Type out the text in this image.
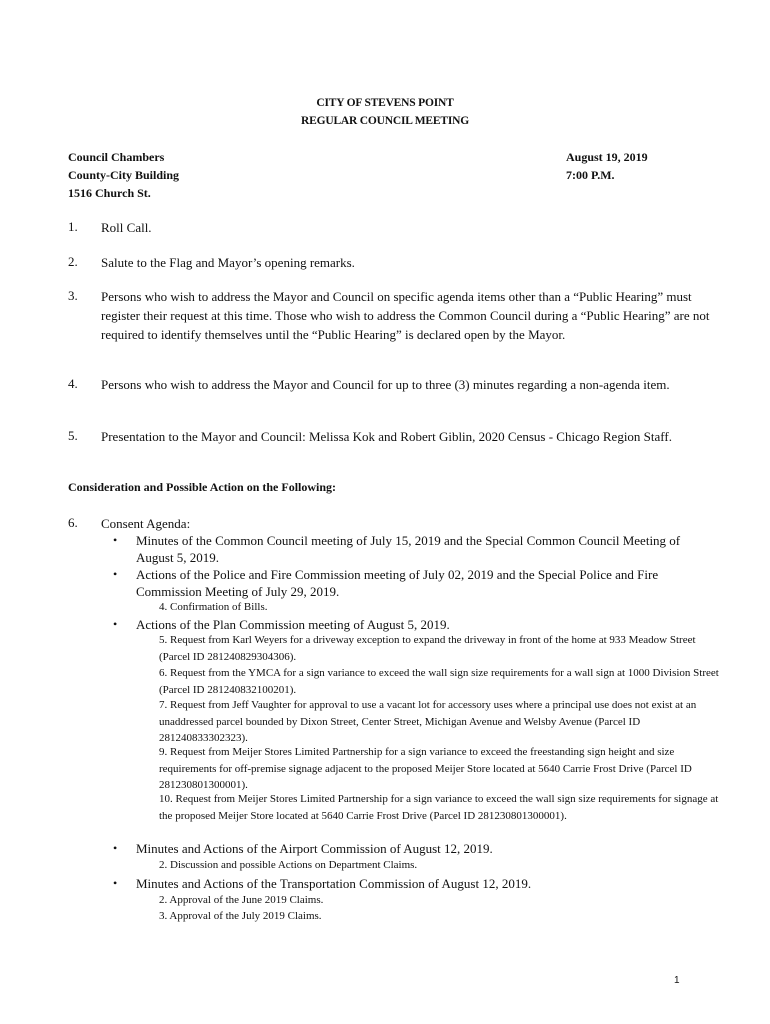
CITY OF STEVENS POINT
REGULAR COUNCIL MEETING
Council Chambers
County-City Building
1516 Church St.
August 19, 2019
7:00 P.M.
1. Roll Call.
2. Salute to the Flag and Mayor’s opening remarks.
3. Persons who wish to address the Mayor and Council on specific agenda items other than a “Public Hearing” must register their request at this time. Those who wish to address the Common Council during a “Public Hearing” are not required to identify themselves until the “Public Hearing” is declared open by the Mayor.
4. Persons who wish to address the Mayor and Council for up to three (3) minutes regarding a non-agenda item.
5. Presentation to the Mayor and Council: Melissa Kok and Robert Giblin, 2020 Census - Chicago Region Staff.
Consideration and Possible Action on the Following:
6. Consent Agenda:
• Minutes of the Common Council meeting of July 15, 2019 and the Special Common Council Meeting of August 5, 2019.
• Actions of the Police and Fire Commission meeting of July 02, 2019 and the Special Police and Fire Commission Meeting of July 29, 2019.
4. Confirmation of Bills.
• Actions of the Plan Commission meeting of August 5, 2019.
5. Request from Karl Weyers for a driveway exception to expand the driveway in front of the home at 933 Meadow Street (Parcel ID 281240829304306).
6. Request from the YMCA for a sign variance to exceed the wall sign size requirements for a wall sign at 1000 Division Street (Parcel ID 281240832100201).
7. Request from Jeff Vaughter for approval to use a vacant lot for accessory uses where a principal use does not exist at an unaddressed parcel bounded by Dixon Street, Center Street, Michigan Avenue and Welsby Avenue (Parcel ID 281240833302323).
9. Request from Meijer Stores Limited Partnership for a sign variance to exceed the freestanding sign height and size requirements for off-premise signage adjacent to the proposed Meijer Store located at 5640 Carrie Frost Drive (Parcel ID 281230801300001).
10. Request from Meijer Stores Limited Partnership for a sign variance to exceed the wall sign size requirements for signage at the proposed Meijer Store located at 5640 Carrie Frost Drive (Parcel ID 281230801300001).
• Minutes and Actions of the Airport Commission of August 12, 2019.
2. Discussion and possible Actions on Department Claims.
• Minutes and Actions of the Transportation Commission of August 12, 2019.
2. Approval of the June 2019 Claims.
3. Approval of the July 2019 Claims.
1
